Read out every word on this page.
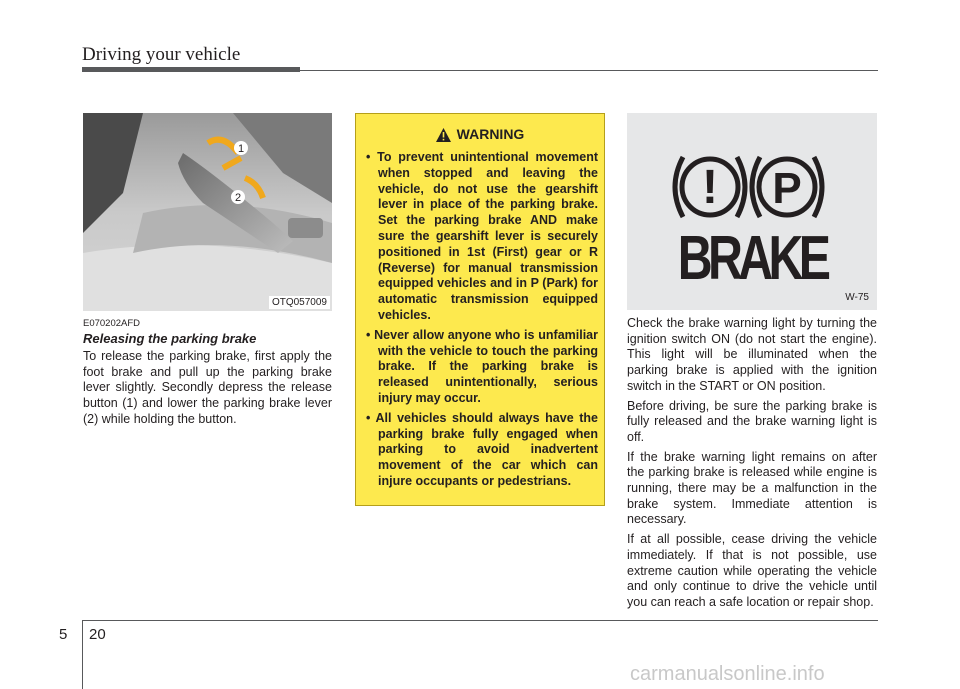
Driving your vehicle
1
2
OTQ057009
E070202AFD
Releasing the parking brake

To release the parking brake, first apply the foot brake and pull up the parking brake lever slightly. Secondly depress the release button (1) and lower the parking brake lever (2) while holding the button.

WARNING
• To prevent unintentional movement when stopped and leaving the vehicle, do not use the gearshift lever in place of the parking brake. Set the parking brake AND make sure the gearshift lever is securely positioned in 1st (First) gear or R (Reverse) for manual transmission equipped vehicles and in P (Park) for automatic transmission equipped vehicles.
• Never allow anyone who is unfamiliar with the vehicle to touch the parking brake. If the parking brake is released unintentionally, serious injury may occur.
• All vehicles should always have the parking brake fully engaged when parking to avoid inadvertent movement of the car which can injure occupants or pedestrians.
! P
BRAKE
W-75

Check the brake warning light by turning the ignition switch ON (do not start the engine). This light will be illuminated when the parking brake is applied with the ignition switch in the START or ON position.

Before driving, be sure the parking brake is fully released and the brake warning light is off.

If the brake warning light remains on after the parking brake is released while engine is running, there may be a malfunction in the brake system. Immediate attention is necessary.

If at all possible, cease driving the vehicle immediately. If that is not possible, use extreme caution while operating the vehicle and only continue to drive the vehicle until you can reach a safe location or repair shop.

5 20
carmanualsonline.info
